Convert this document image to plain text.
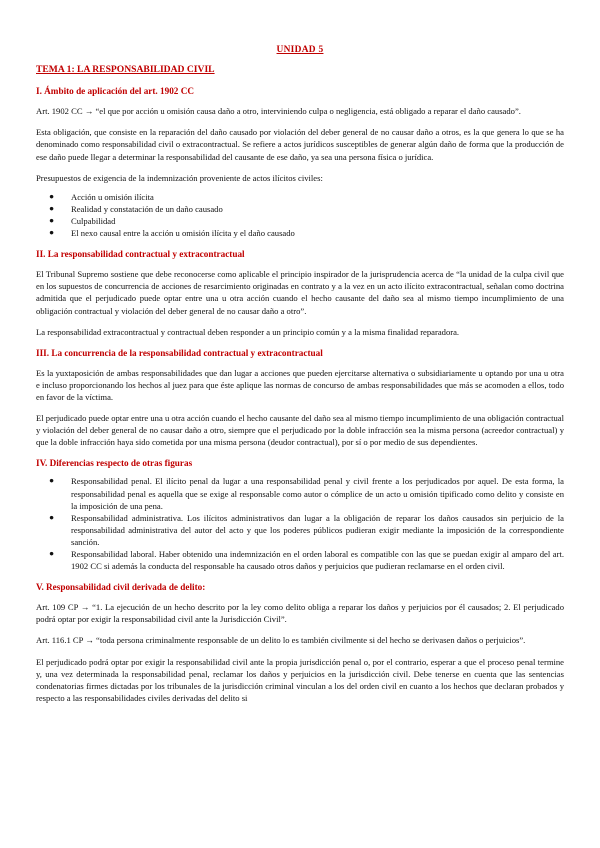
UNIDAD 5
TEMA 1: LA RESPONSABILIDAD CIVIL
I. Ámbito de aplicación del art. 1902 CC

Art. 1902 CC → “el que por acción u omisión causa daño a otro, interviniendo culpa o negligencia, está obligado a reparar el daño causado”.

Esta obligación, que consiste en la reparación del daño causado por violación del deber general de no causar daño a otros, es la que genera lo que se ha denominado como responsabilidad civil o extracontractual. Se refiere a actos jurídicos susceptibles de generar algún daño de forma que la producción de ese daño puede llegar a determinar la responsabilidad del causante de ese daño, ya sea una persona física o jurídica.

Presupuestos de exigencia de la indemnización proveniente de actos ilícitos civiles:

● Acción u omisión ilícita
● Realidad y constatación de un daño causado
● Culpabilidad
● El nexo causal entre la acción u omisión ilícita y el daño causado
II. La responsabilidad contractual y extracontractual

El Tribunal Supremo sostiene que debe reconocerse como aplicable el principio inspirador de la jurisprudencia acerca de “la unidad de la culpa civil que en los supuestos de concurrencia de acciones de resarcimiento originadas en contrato y a la vez en un acto ilícito extracontractual, señalan como doctrina admitida que el perjudicado puede optar entre una u otra acción cuando el hecho causante del daño sea al mismo tiempo incumplimiento de una obligación contractual y violación del deber general de no causar daño a otro”.

La responsabilidad extracontractual y contractual deben responder a un principio común y a la misma finalidad reparadora.

III. La concurrencia de la responsabilidad contractual y extracontractual

Es la yuxtaposición de ambas responsabilidades que dan lugar a acciones que pueden ejercitarse alternativa o subsidiariamente u optando por una u otra e incluso proporcionando los hechos al juez para que éste aplique las normas de concurso de ambas responsabilidades que más se acomoden a ellos, todo en favor de la víctima.

El perjudicado puede optar entre una u otra acción cuando el hecho causante del daño sea al mismo tiempo incumplimiento de una obligación contractual y violación del deber general de no causar daño a otro, siempre que el perjudicado por la doble infracción sea la misma persona (acreedor contractual) y que la doble infracción haya sido cometida por una misma persona (deudor contractual), por sí o por medio de sus dependientes.

IV. Diferencias respecto de otras figuras
● Responsabilidad penal. El ilícito penal da lugar a una responsabilidad penal y civil frente a los perjudicados por aquel. De esta forma, la responsabilidad penal es aquella que se exige al responsable como autor o cómplice de un acto u omisión tipificado como delito y consiste en la imposición de una pena.
● Responsabilidad administrativa. Los ilícitos administrativos dan lugar a la obligación de reparar los daños causados sin perjuicio de la responsabilidad administrativa del autor del acto y que los poderes públicos pudieran exigir mediante la imposición de la correspondiente sanción.
● Responsabilidad laboral. Haber obtenido una indemnización en el orden laboral es compatible con las que se puedan exigir al amparo del art. 1902 CC si además la conducta del responsable ha causado otros daños y perjuicios que pudieran reclamarse en el orden civil.
V. Responsabilidad civil derivada de delito:

Art. 109 CP → “1. La ejecución de un hecho descrito por la ley como delito obliga a reparar los daños y perjuicios por él causados; 2. El perjudicado podrá optar por exigir la responsabilidad civil ante la Jurisdicción Civil”.

Art. 116.1 CP → “toda persona criminalmente responsable de un delito lo es también civilmente si del hecho se derivasen daños o perjuicios”.

El perjudicado podrá optar por exigir la responsabilidad civil ante la propia jurisdicción penal o, por el contrario, esperar a que el proceso penal termine y, una vez determinada la responsabilidad penal, reclamar los daños y perjuicios en la jurisdicción civil. Debe tenerse en cuenta que las sentencias condenatorias firmes dictadas por los tribunales de la jurisdicción criminal vinculan a los del orden civil en cuanto a los hechos que declaran probados y respecto a las responsabilidades civiles derivadas del delito si
